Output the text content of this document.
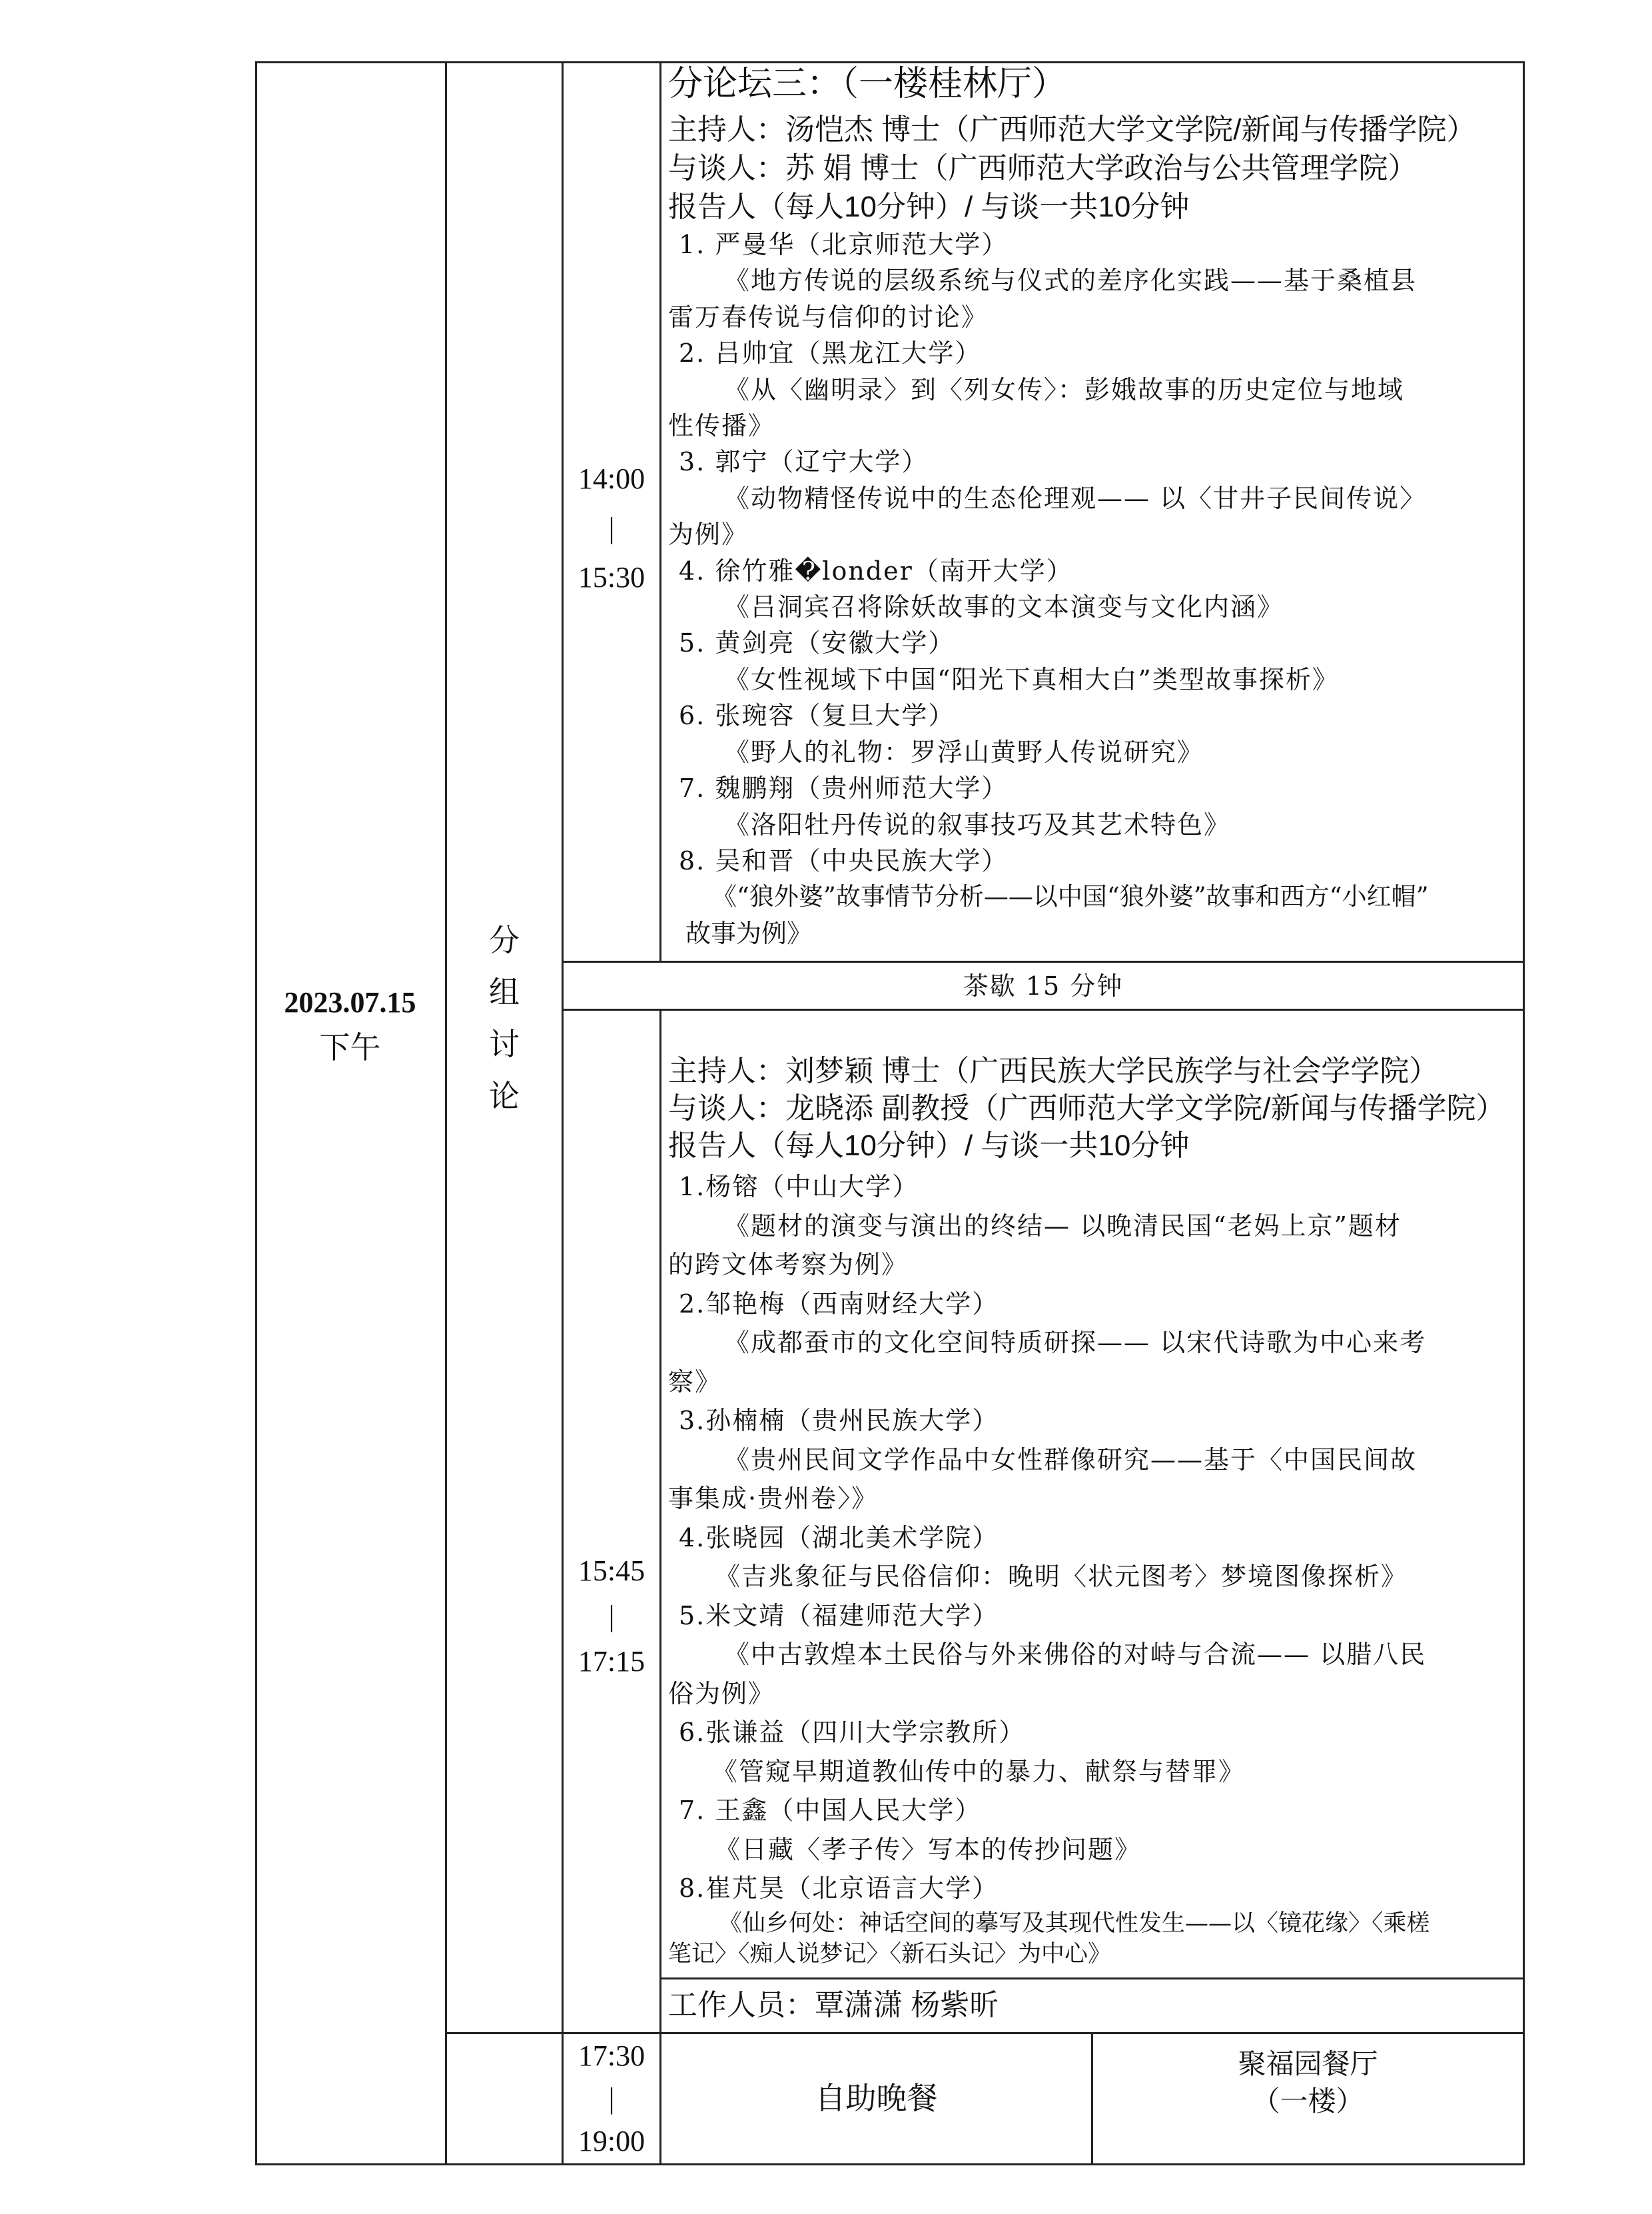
2023.07.15
下午
分
组
讨
论
14:00
|
15:30
分论坛三：（一楼桂林厅）
主持人：汤恺杰 博士（广西师范大学文学院/新闻与传播学院）
与谈人：苏 娟 博士（广西师范大学政治与公共管理学院）
报告人（每人10分钟）/ 与谈一共10分钟
1. 严曼华（北京师范大学）
《地方传说的层级系统与仪式的差序化实践——基于桑植县
雷万春传说与信仰的讨论》
2. 吕帅宜（黑龙江大学）
《从〈幽明录〉到〈列女传〉：彭娥故事的历史定位与地域
性传播》
3. 郭宁（辽宁大学）
《动物精怪传说中的生态伦理观—— 以〈甘井子民间传说〉
为例》
4. 徐竹雅�londer（南开大学）
《吕洞宾召将除妖故事的文本演变与文化内涵》
5. 黄剑亮（安徽大学）
《女性视域下中国“阳光下真相大白”类型故事探析》
6. 张琬容（复旦大学）
《野人的礼物：罗浮山黄野人传说研究》
7. 魏鹏翔（贵州师范大学）
《洛阳牡丹传说的叙事技巧及其艺术特色》
8. 吴和晋（中央民族大学）
《“狼外婆”故事情节分析——以中国“狼外婆”故事和西方“小红帽”
故事为例》
茶歇 15 分钟
15:45
|
17:15
主持人：刘梦颖 博士（广西民族大学民族学与社会学学院）
与谈人：龙晓添 副教授（广西师范大学文学院/新闻与传播学院）
报告人（每人10分钟）/ 与谈一共10分钟
1.杨镕（中山大学）
《题材的演变与演出的终结— 以晚清民国“老妈上京”题材
的跨文体考察为例》
2.邹艳梅（西南财经大学）
《成都蚕市的文化空间特质研探—— 以宋代诗歌为中心来考
察》
3.孙楠楠（贵州民族大学）
《贵州民间文学作品中女性群像研究——基于〈中国民间故
事集成·贵州卷〉》
4.张晓园（湖北美术学院）
《吉兆象征与民俗信仰：晚明〈状元图考〉梦境图像探析》
5.米文靖（福建师范大学）
《中古敦煌本土民俗与外来佛俗的对峙与合流—— 以腊八民
俗为例》
6.张谦益（四川大学宗教所）
《管窥早期道教仙传中的暴力、献祭与替罪》
7. 王鑫（中国人民大学）
《日藏〈孝子传〉写本的传抄问题》
8.崔芃昊（北京语言大学）
《仙乡何处：神话空间的摹写及其现代性发生——以〈镜花缘〉〈乘槎
笔记〉〈痴人说梦记〉〈新石头记〉为中心》
工作人员：覃潇潇 杨紫昕
17:30
|
19:00
自助晚餐
聚福园餐厅
（一楼）
